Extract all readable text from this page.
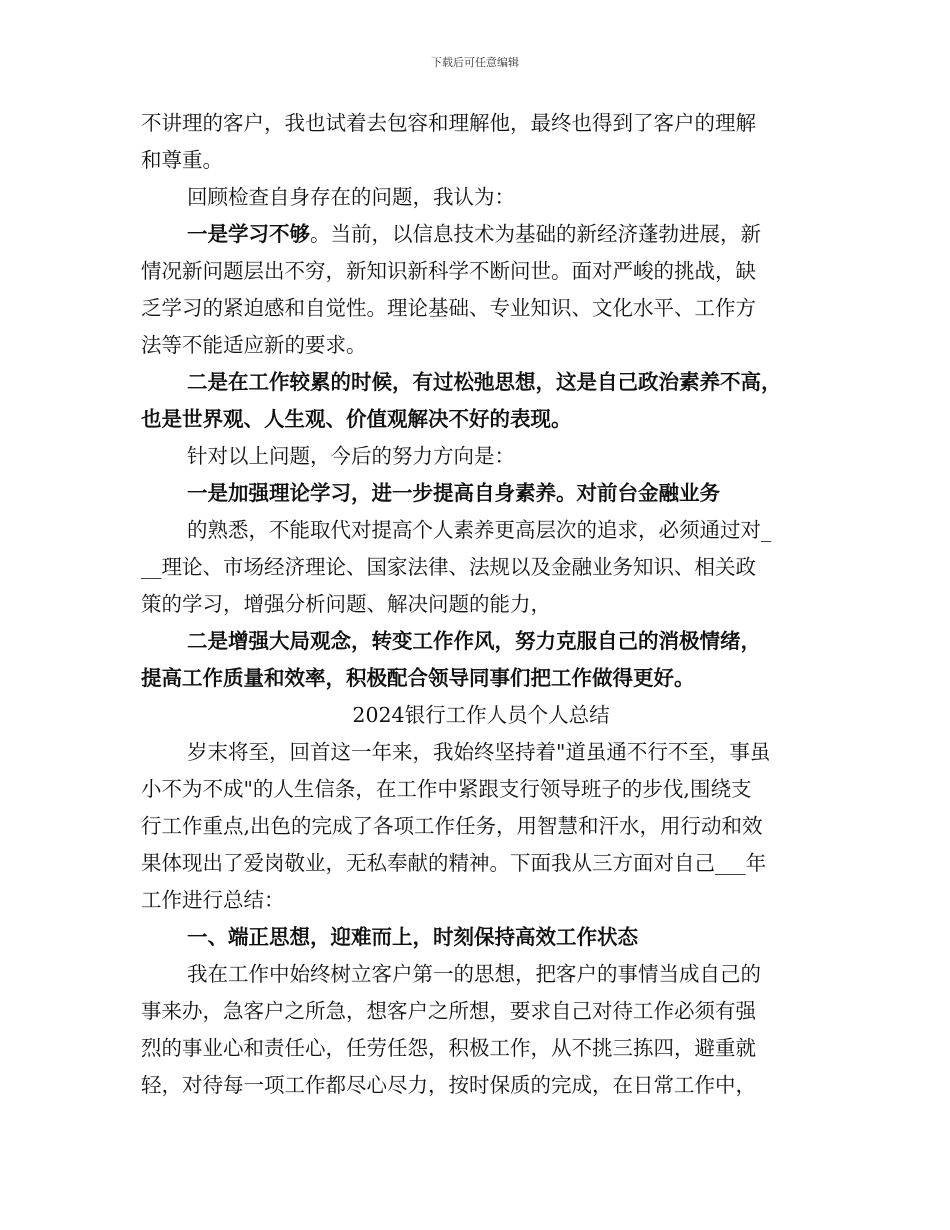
下载后可任意编辑
不讲理的客户，我也试着去包容和理解他，最终也得到了客户的理解
和尊重。
回顾检查自身存在的问题，我认为：
一是学习不够。当前，以信息技术为基础的新经济蓬勃进展，新
情况新问题层出不穷，新知识新科学不断问世。面对严峻的挑战，缺
乏学习的紧迫感和自觉性。理论基础、专业知识、文化水平、工作方
法等不能适应新的要求。
二是在工作较累的时候，有过松弛思想，这是自己政治素养不高，
也是世界观、人生观、价值观解决不好的表现。
针对以上问题，今后的努力方向是：
一是加强理论学习，进一步提高自身素养。对前台金融业务
的熟悉，不能取代对提高个人素养更高层次的追求，必须通过对_
__理论、市场经济理论、国家法律、法规以及金融业务知识、相关政
策的学习，增强分析问题、解决问题的能力，
二是增强大局观念，转变工作作风，努力克服自己的消极情绪，
提高工作质量和效率，积极配合领导同事们把工作做得更好。
2024银行工作人员个人总结
岁末将至，回首这一年来，我始终坚持着"道虽通不行不至，事虽
小不为不成"的人生信条，在工作中紧跟支行领导班子的步伐,围绕支
行工作重点,出色的完成了各项工作任务，用智慧和汗水，用行动和效
果体现出了爱岗敬业，无私奉献的精神。下面我从三方面对自己___年
工作进行总结：
一、端正思想，迎难而上，时刻保持高效工作状态
我在工作中始终树立客户第一的思想，把客户的事情当成自己的
事来办，急客户之所急，想客户之所想，要求自己对待工作必须有强
烈的事业心和责任心，任劳任怨，积极工作，从不挑三拣四，避重就
轻，对待每一项工作都尽心尽力，按时保质的完成，在日常工作中，
